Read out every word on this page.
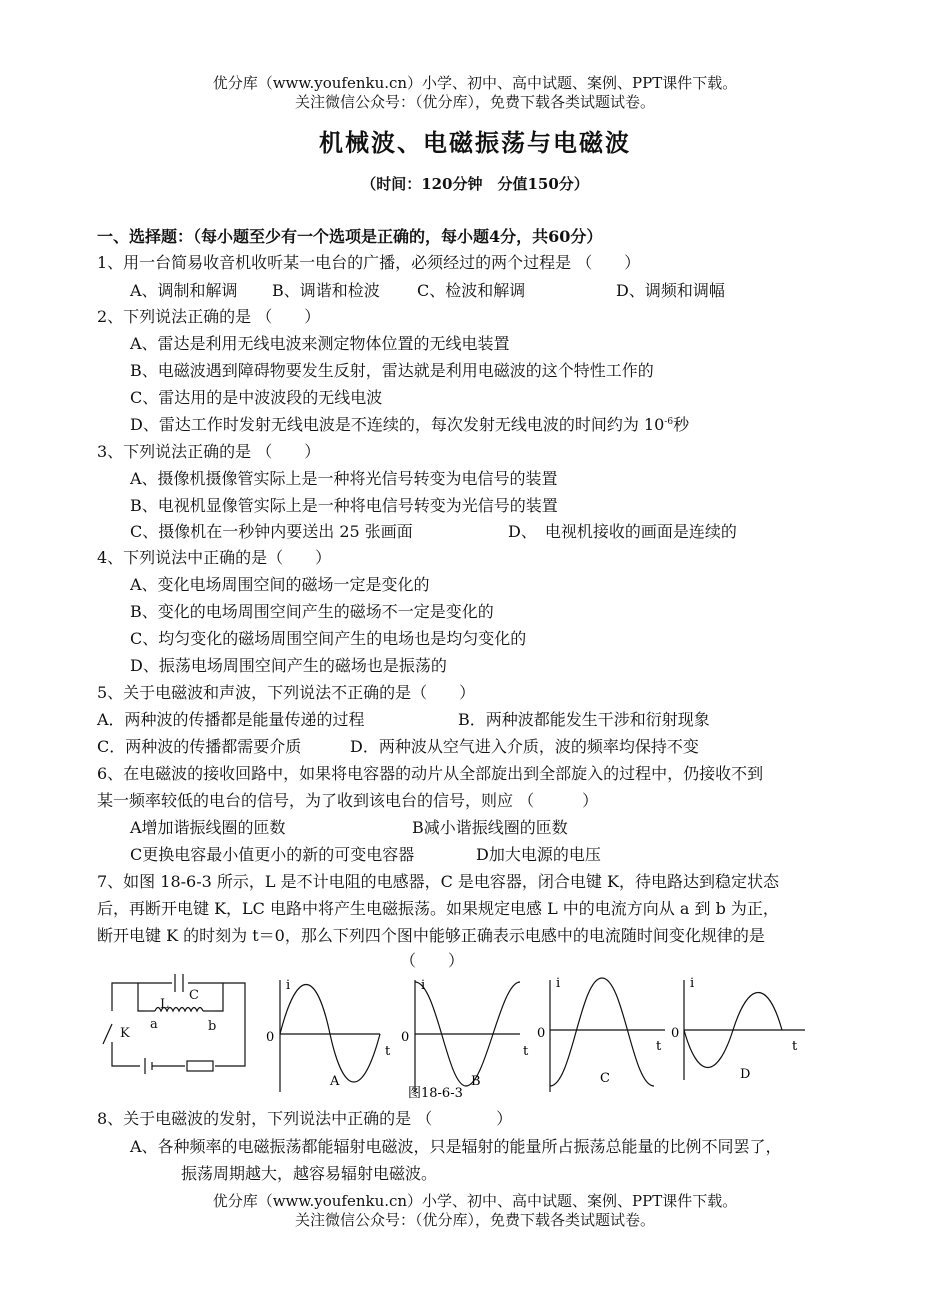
优分库（www.youfenku.cn）小学、初中、高中试题、案例、PPT课件下载。
关注微信公众号：（优分库），免费下载各类试题试卷。
机械波、电磁振荡与电磁波
（时间：120分钟　分值150分）
一、选择题：（每小题至少有一个选项是正确的，每小题4分，共60分）
1、用一台简易收音机收听某一电台的广播，必须经过的两个过程是 （　　）
A、调制和解调 B、调谐和检波 C、检波和解调	D、调频和调幅
2、下列说法正确的是 （　　）
A、雷达是利用无线电波来测定物体位置的无线电装置
B、电磁波遇到障碍物要发生反射，雷达就是利用电磁波的这个特性工作的
C、雷达用的是中波波段的无线电波
D、雷达工作时发射无线电波是不连续的，每次发射无线电波的时间约为 $10^{-6}$秒
3、下列说法正确的是 （　　）
A、摄像机摄像管实际上是一种将光信号转变为电信号的装置
B、电视机显像管实际上是一种将电信号转变为光信号的装置
C、摄像机在一秒钟内要送出 25 张画面	D、　电视机接收的画面是连续的
4、下列说法中正确的是（　　）
A、变化电场周围空间的磁场一定是变化的
B、变化的电场周围空间产生的磁场不一定是变化的
C、均匀变化的磁场周围空间产生的电场也是均匀变化的
D、振荡电场周围空间产生的磁场也是振荡的
5、关于电磁波和声波，下列说法不正确的是（　　）
A．两种波的传播都是能量传递的过程	B．两种波都能发生干涉和衍射现象
C．两种波的传播都需要介质	D．两种波从空气进入介质，波的频率均保持不变
6、在电磁波的接收回路中，如果将电容器的动片从全部旋出到全部旋入的过程中，仍接收不到
某一频率较低的电台的信号，为了收到该电台的信号，则应 （　　　）
A增加谐振线圈的匝数	B减小谐振线圈的匝数
C更换电容最小值更小的新的可变电容器	D加大电源的电压
7、如图 18-6-3 所示，L 是不计电阻的电感器，C 是电容器，闭合电键 K，待电路达到稳定状态
后，再断开电键 K，LC 电路中将产生电磁振荡。如果规定电感 L 中的电流方向从 a 到 b 为正，
断开电键 K 的时刻为 t＝0，那么下列四个图中能够正确表示电感中的电流随时间变化规律的是
（　　）
C
L
a	b
K
i
0
t
A
i
0
t
B
i
0
t
C
i
0
t
D
图18-6-3
8、关于电磁波的发射，下列说法中正确的是 （　　　　）
A、各种频率的电磁振荡都能辐射电磁波，只是辐射的能量所占振荡总能量的比例不同罢了，
振荡周期越大，越容易辐射电磁波。
优分库（www.youfenku.cn）小学、初中、高中试题、案例、PPT课件下载。
关注微信公众号：（优分库），免费下载各类试题试卷。
